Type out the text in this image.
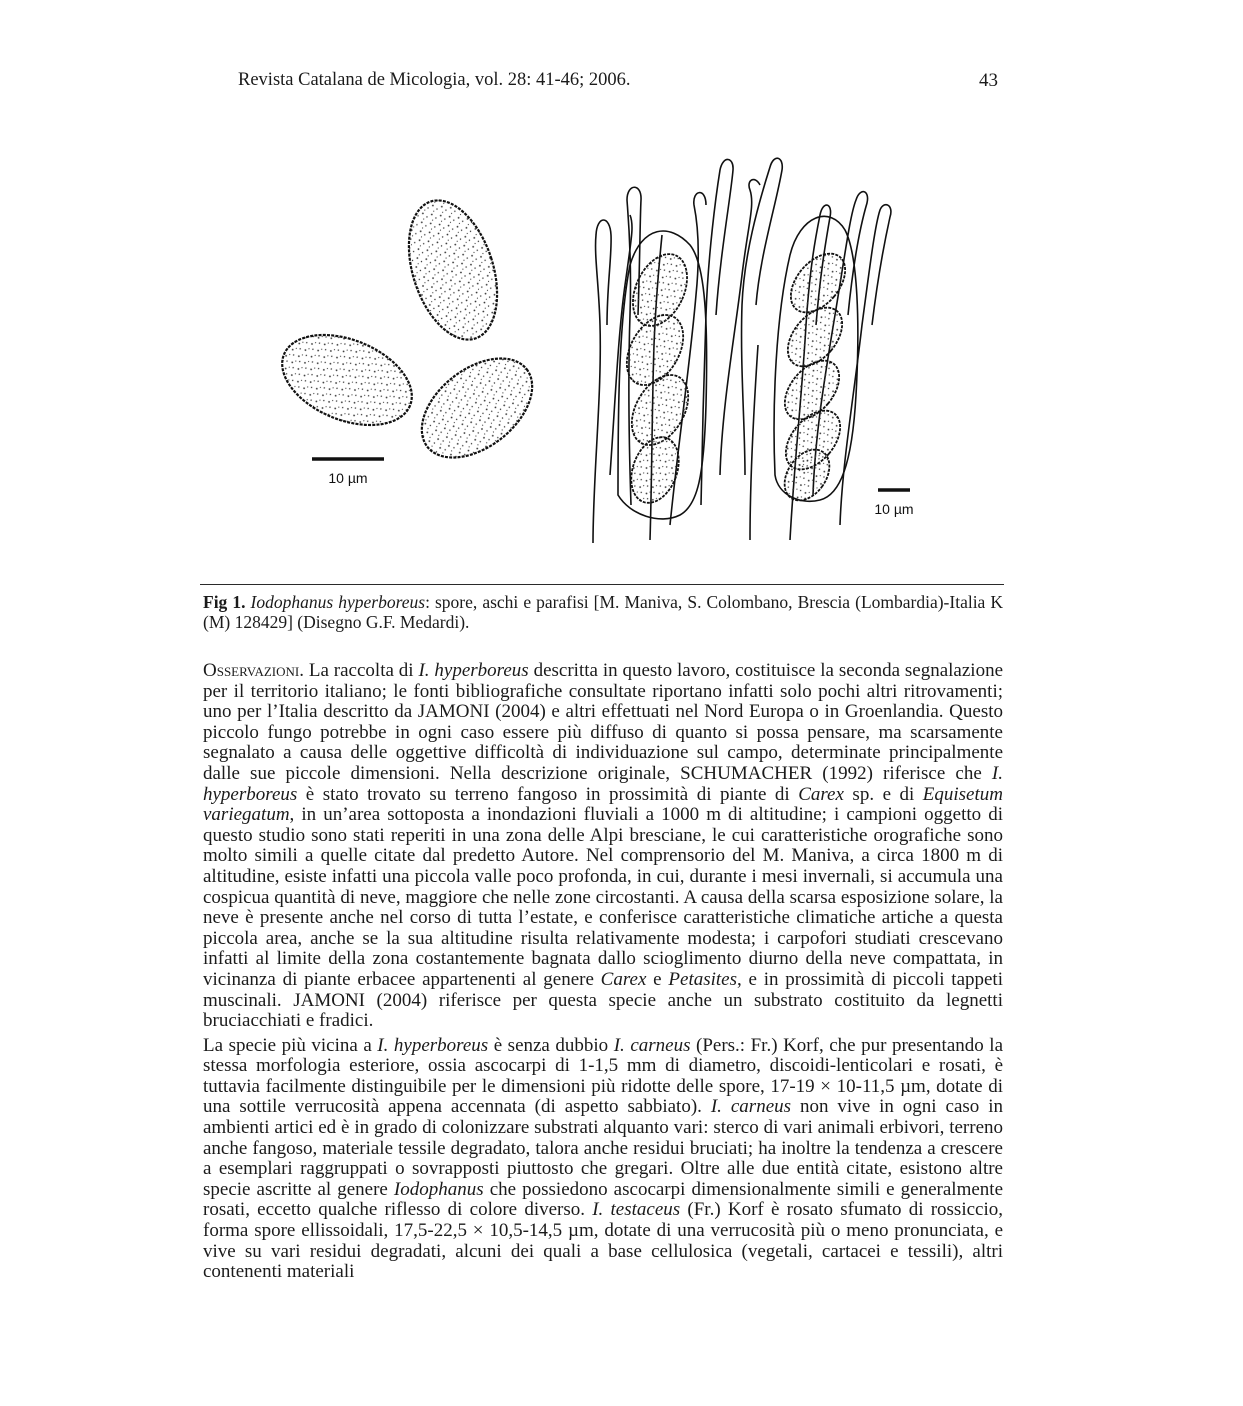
Revista Catalana de Micologia, vol. 28: 41-46; 2006.	43
10 µm
10 µm
Fig 1. Iodophanus hyperboreus: spore, aschi e parafisi [M. Maniva, S. Colombano, Brescia (Lombardia)-Italia K (M) 128429] (Disegno G.F. Medardi).

Osservazioni. La raccolta di I. hyperboreus descritta in questo lavoro, costituisce la seconda segnalazione per il territorio italiano; le fonti bibliografiche consultate riportano infatti solo pochi altri ritrovamenti; uno per l’Italia descritto da JAMONI (2004) e altri effettuati nel Nord Europa o in Groenlandia. Questo piccolo fungo potrebbe in ogni caso essere più diffuso di quanto si possa pensare, ma scarsamente segnalato a causa delle oggettive difficoltà di individuazione sul campo, determinate principalmente dalle sue piccole dimensioni. Nella descrizione originale, SCHUMACHER (1992) riferisce che I. hyperboreus è stato trovato su terreno fangoso in prossimità di piante di Carex sp. e di Equisetum variegatum, in un’area sottoposta a inondazioni fluviali a 1000 m di altitudine; i campioni oggetto di questo studio sono stati reperiti in una zona delle Alpi bresciane, le cui caratteristiche orografiche sono molto simili a quelle citate dal predetto Autore. Nel comprensorio del M. Maniva, a circa 1800 m di altitudine, esiste infatti una piccola valle poco profonda, in cui, durante i mesi invernali, si accumula una cospicua quantità di neve, maggiore che nelle zone circostanti. A causa della scarsa esposizione solare, la neve è presente anche nel corso di tutta l’estate, e conferisce caratteristiche climatiche artiche a questa piccola area, anche se la sua altitudine risulta relativamente modesta; i carpofori studiati crescevano infatti al limite della zona costantemente bagnata dallo scioglimento diurno della neve compattata, in vicinanza di piante erbacee appartenenti al genere Carex e Petasites, e in prossimità di piccoli tappeti muscinali. JAMONI (2004) riferisce per questa specie anche un substrato costituito da legnetti bruciacchiati e fradici.

La specie più vicina a I. hyperboreus è senza dubbio I. carneus (Pers.: Fr.) Korf, che pur presentando la stessa morfologia esteriore, ossia ascocarpi di 1-1,5 mm di diametro, discoidi-lenticolari e rosati, è tuttavia facilmente distinguibile per le dimensioni più ridotte delle spore, 17-19 × 10-11,5 µm, dotate di una sottile verrucosità appena accennata (di aspetto sabbiato). I. carneus non vive in ogni caso in ambienti artici ed è in grado di colonizzare substrati alquanto vari: sterco di vari animali erbivori, terreno anche fangoso, materiale tessile degradato, talora anche residui bruciati; ha inoltre la tendenza a crescere a esemplari raggruppati o sovrapposti piuttosto che gregari. Oltre alle due entità citate, esistono altre specie ascritte al genere Iodophanus che possiedono ascocarpi dimensionalmente simili e generalmente rosati, eccetto qualche riflesso di colore diverso. I. testaceus (Fr.) Korf è rosato sfumato di rossiccio, forma spore ellissoidali, 17,5-22,5 × 10,5-14,5 µm, dotate di una verrucosità più o meno pronunciata, e vive su vari residui degradati, alcuni dei quali a base cellulosica (vegetali, cartacei e tessili), altri contenenti materiali
